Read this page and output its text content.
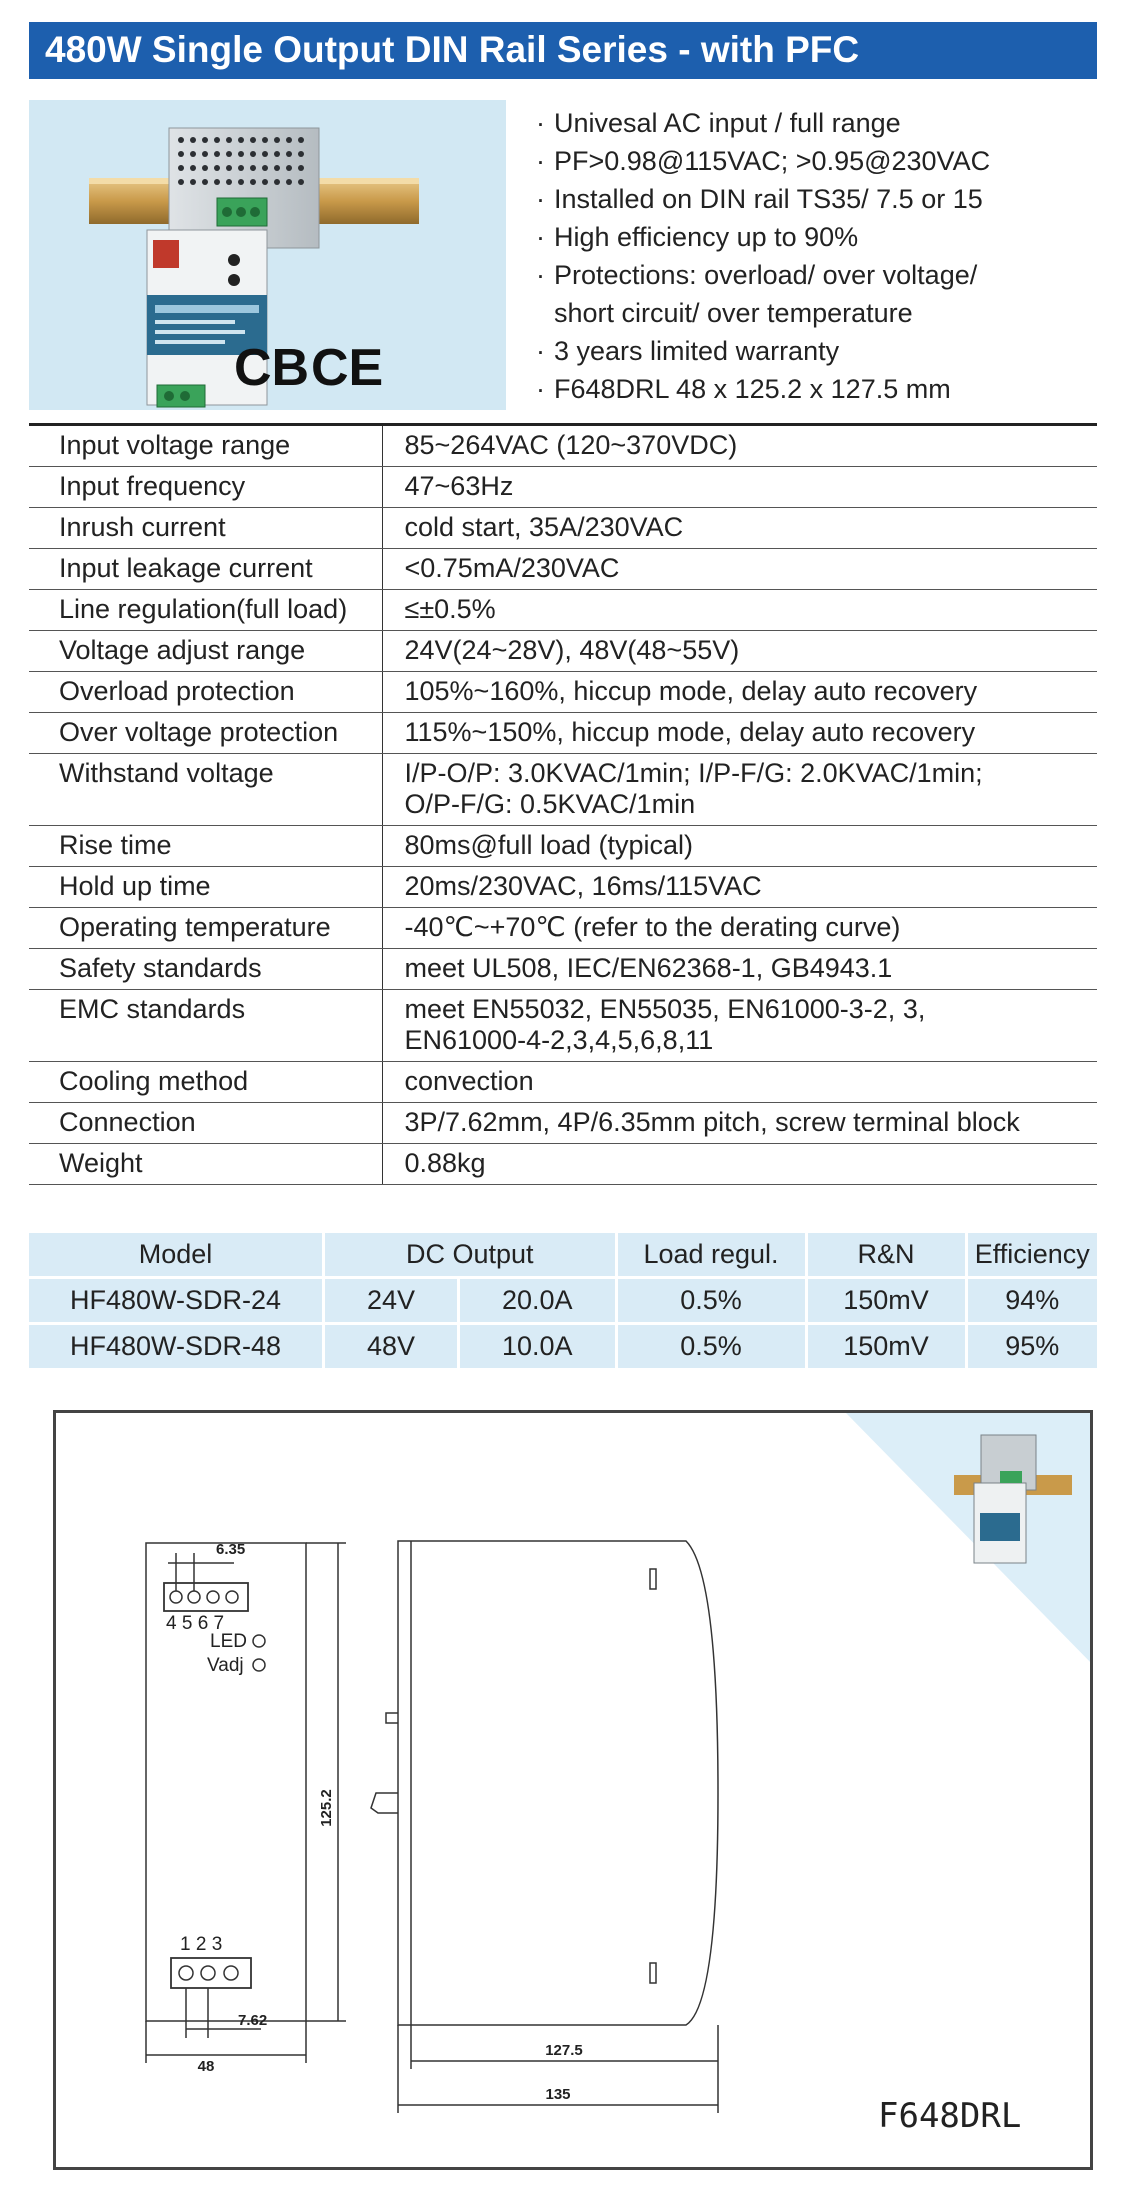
480W Single Output DIN Rail Series - with PFC
CB CE
· Univesal AC input / full range
· PF>0.98@115VAC; >0.95@230VAC
· Installed on DIN rail TS35/ 7.5 or 15
· High efficiency up to 90%
· Protections: overload/ over voltage/
short circuit/ over temperature
· 3 years limited warranty
· F648DRL 48 x 125.2 x 127.5 mm
Input voltage range	85~264VAC (120~370VDC)

Input frequency	47~63Hz

Inrush current	cold start, 35A/230VAC

Input leakage current	<0.75mA/230VAC

Line regulation(full load)	≤±0.5%

Voltage adjust range	24V(24~28V), 48V(48~55V)

Overload protection	105%~160%, hiccup mode, delay auto recovery

Over voltage protection	115%~150%, hiccup mode, delay auto recovery

Withstand voltage	I/P-O/P: 3.0KVAC/1min; I/P-F/G: 2.0KVAC/1min;
O/P-F/G: 0.5KVAC/1min

Rise time	80ms@full load (typical)

Hold up time	20ms/230VAC, 16ms/115VAC

Operating temperature	-40℃~+70℃ (refer to the derating curve)

Safety standards	meet UL508, IEC/EN62368-1, GB4943.1

EMC standards	meet EN55032, EN55035, EN61000-3-2, 3,
EN61000-4-2,3,4,5,6,8,11

Cooling method	convection

Connection	3P/7.62mm, 4P/6.35mm pitch, screw terminal block

Weight	0.88kg
Model	DC Output		Load regul.	R&N	Efficiency
HF480W-SDR-24	24V	20.0A	0.5%	150mV	94%
HF480W-SDR-48	48V	10.0A	0.5%	150mV	95%
6.35
4 5 6 7
LED
Vadj
125.2
1 2 3
7.62
48
127.5
135
F648DRL
